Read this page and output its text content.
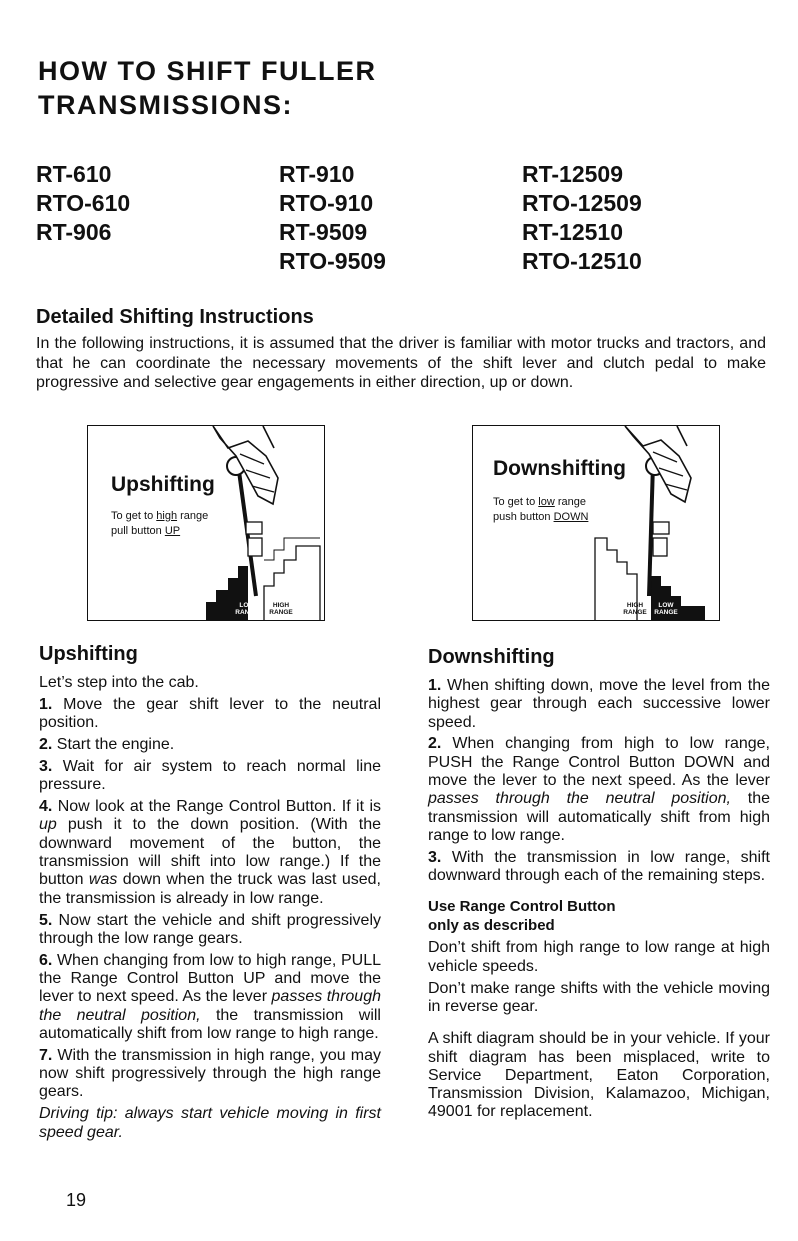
HOW TO SHIFT FULLER
TRANSMISSIONS:
RT-610
RTO-610
RT-906
RT-910
RTO-910
RT-9509
RTO-9509
RT-12509
RTO-12509
RT-12510
RTO-12510
Detailed Shifting Instructions
In the following instructions, it is assumed that the driver is familiar with motor trucks and tractors, and that he can coordinate the necessary movements of the shift lever and clutch pedal to make progressive and selective gear engagements in either direction, up or down.
Upshifting
To get to high range
pull button UP
LOW
RANGE
HIGH
RANGE
Downshifting
To get to low range
push button DOWN
HIGH
RANGE
LOW
RANGE
Upshifting

Let’s step into the cab.

1. Move the gear shift lever to the neutral position.

2. Start the engine.

3. Wait for air system to reach normal line pressure.

4. Now look at the Range Control Button. If it is up push it to the down position. (With the downward movement of the button, the transmission will shift into low range.) If the button was down when the truck was last used, the transmission is already in low range.

5. Now start the vehicle and shift progressively through the low range gears.

6. When changing from low to high range, PULL the Range Control Button UP and move the lever to next speed. As the lever passes through the neutral position, the transmission will automatically shift from low range to high range.

7. With the transmission in high range, you may now shift progressively through the high range gears.

Driving tip: always start vehicle moving in first speed gear.

Downshifting

1. When shifting down, move the level from the highest gear through each successive lower speed.

2. When changing from high to low range, PUSH the Range Control Button DOWN and move the lever to the next speed. As the lever passes through the neutral position, the transmission will automatically shift from high range to low range.

3. With the transmission in low range, shift downward through each of the remaining steps.

Use Range Control Button
only as described

Don’t shift from high range to low range at high vehicle speeds.

Don’t make range shifts with the vehicle moving in reverse gear.

A shift diagram should be in your vehicle. If your shift diagram has been misplaced, write to Service Department, Eaton Corporation, Transmission Division, Kalamazoo, Michigan, 49001 for replacement.

19
